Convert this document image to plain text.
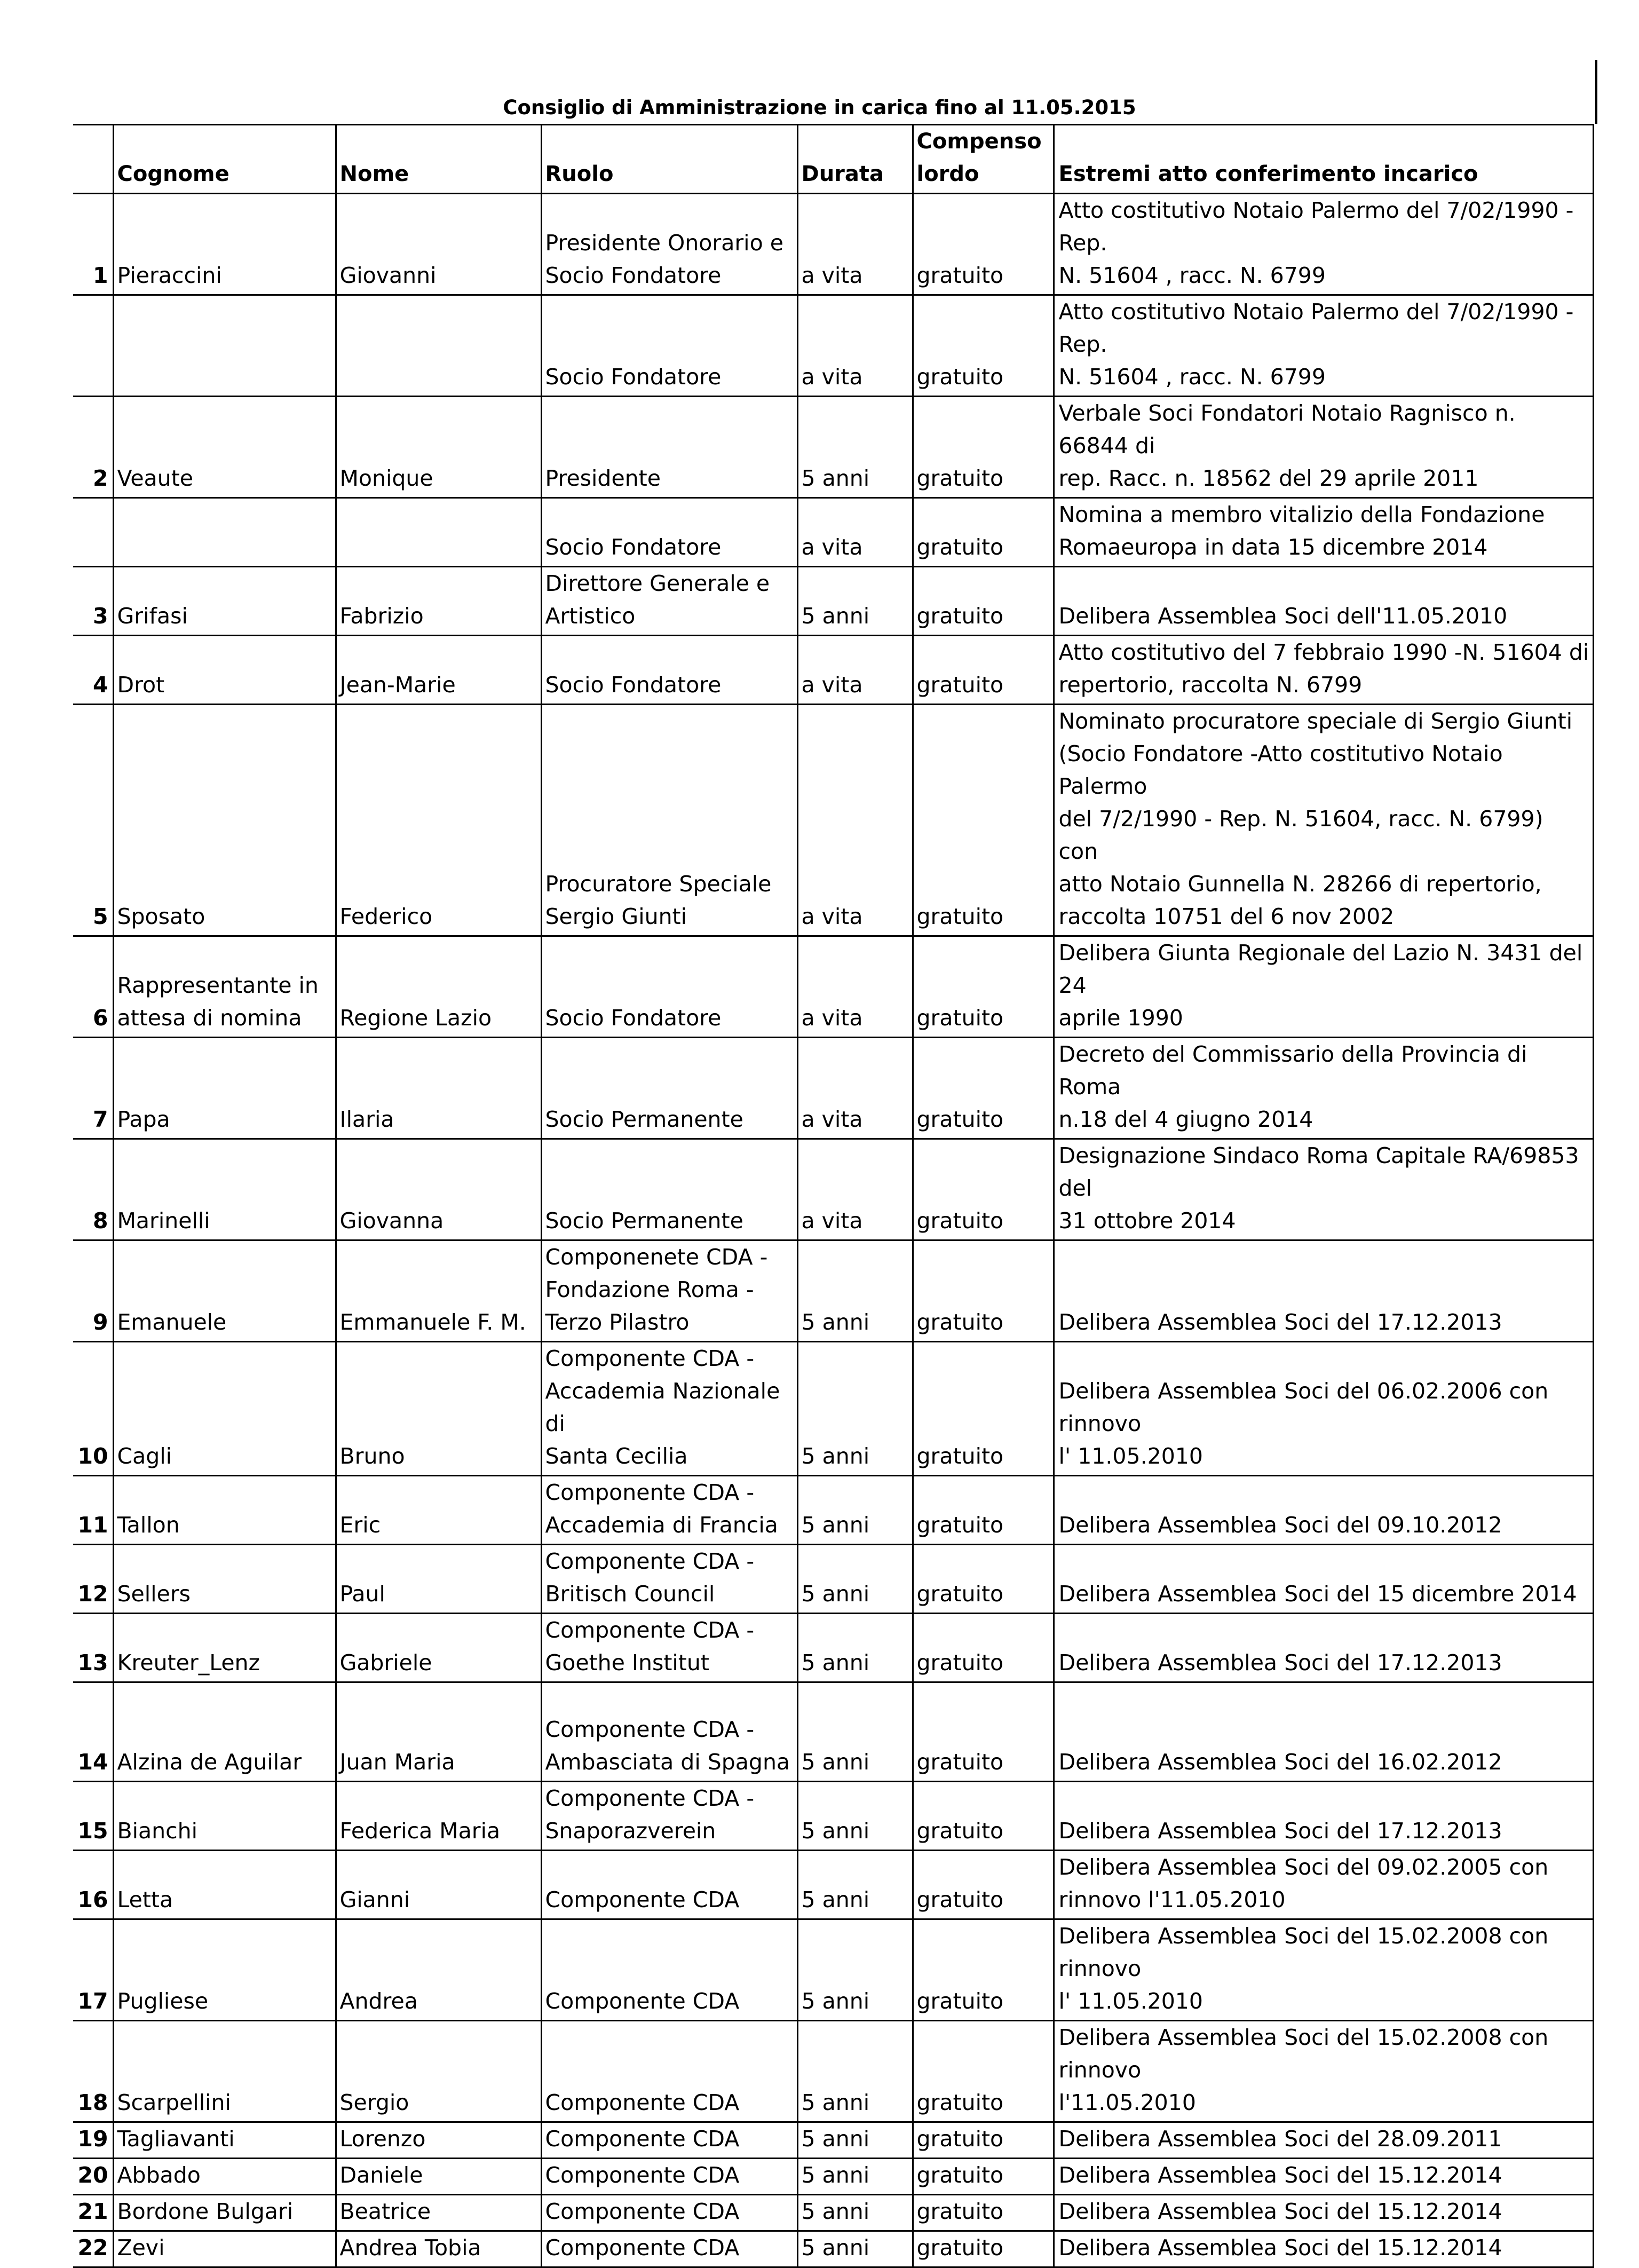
Consiglio di Amministrazione in carica fino al 11.05.2015
	Cognome	Nome	Ruolo	Durata	Compenso
lordo	Estremi atto conferimento incarico
1	Pieraccini	Giovanni	Presidente Onorario e
Socio Fondatore	a vita	gratuito	Atto costitutivo Notaio Palermo del 7/02/1990 -Rep.
N. 51604 , racc. N. 6799
			Socio Fondatore	a vita	gratuito	Atto costitutivo Notaio Palermo del 7/02/1990 -Rep.
N. 51604 , racc. N. 6799
2	Veaute	Monique	Presidente	5 anni	gratuito	Verbale Soci Fondatori Notaio Ragnisco n. 66844 di
rep. Racc. n. 18562 del 29 aprile 2011
			Socio Fondatore	a vita	gratuito	Nomina a membro vitalizio della Fondazione
Romaeuropa in data 15 dicembre 2014
3	Grifasi	Fabrizio	Direttore Generale e
Artistico	5 anni	gratuito	Delibera Assemblea Soci dell'11.05.2010
4	Drot	Jean-Marie	Socio Fondatore	a vita	gratuito	Atto costitutivo del 7 febbraio 1990 -N. 51604 di
repertorio, raccolta N. 6799
5	Sposato	Federico	Procuratore Speciale
Sergio Giunti	a vita	gratuito	Nominato procuratore speciale di Sergio Giunti
(Socio Fondatore -Atto costitutivo Notaio Palermo
del 7/2/1990 - Rep. N. 51604, racc. N. 6799) con
atto Notaio Gunnella N. 28266 di repertorio,
raccolta 10751 del 6 nov 2002
6	Rappresentante in
attesa di nomina	Regione Lazio	Socio Fondatore	a vita	gratuito	Delibera Giunta Regionale del Lazio N. 3431 del 24
aprile 1990
7	Papa	Ilaria	Socio Permanente	a vita	gratuito	Decreto del Commissario della Provincia di Roma
n.18 del 4 giugno 2014
8	Marinelli	Giovanna	Socio Permanente	a vita	gratuito	Designazione Sindaco Roma Capitale RA/69853 del
31 ottobre 2014
9	Emanuele	Emmanuele F. M.	Componenete CDA -
Fondazione Roma -
Terzo Pilastro	5 anni	gratuito	Delibera Assemblea Soci del 17.12.2013
10	Cagli	Bruno	Componente CDA -
Accademia Nazionale di
Santa Cecilia	5 anni	gratuito	Delibera Assemblea Soci del 06.02.2006 con rinnovo
l' 11.05.2010
11	Tallon	Eric	Componente CDA -
Accademia di Francia	5 anni	gratuito	Delibera Assemblea Soci del 09.10.2012
12	Sellers	Paul	Componente CDA -
Britisch Council	5 anni	gratuito	Delibera Assemblea Soci del 15 dicembre 2014
13	Kreuter_Lenz	Gabriele	Componente CDA -
Goethe Institut	5 anni	gratuito	Delibera Assemblea Soci del 17.12.2013
14	Alzina de Aguilar	Juan Maria	Componente CDA -
Ambasciata di Spagna	5 anni	gratuito	Delibera Assemblea Soci del 16.02.2012
15	Bianchi	Federica Maria	Componente CDA -
Snaporazverein	5 anni	gratuito	Delibera Assemblea Soci del 17.12.2013
16	Letta	Gianni	Componente CDA	5 anni	gratuito	Delibera Assemblea Soci del 09.02.2005 con
rinnovo l'11.05.2010
17	Pugliese	Andrea	Componente CDA	5 anni	gratuito	Delibera Assemblea Soci del 15.02.2008 con rinnovo
l' 11.05.2010
18	Scarpellini	Sergio	Componente CDA	5 anni	gratuito	Delibera Assemblea Soci del 15.02.2008 con rinnovo
l'11.05.2010
19	Tagliavanti	Lorenzo	Componente CDA	5 anni	gratuito	Delibera Assemblea Soci del 28.09.2011
20	Abbado	Daniele	Componente CDA	5 anni	gratuito	Delibera Assemblea Soci del 15.12.2014
21	Bordone Bulgari	Beatrice	Componente CDA	5 anni	gratuito	Delibera Assemblea Soci del 15.12.2014
22	Zevi	Andrea Tobia	Componente CDA	5 anni	gratuito	Delibera Assemblea Soci del 15.12.2014
